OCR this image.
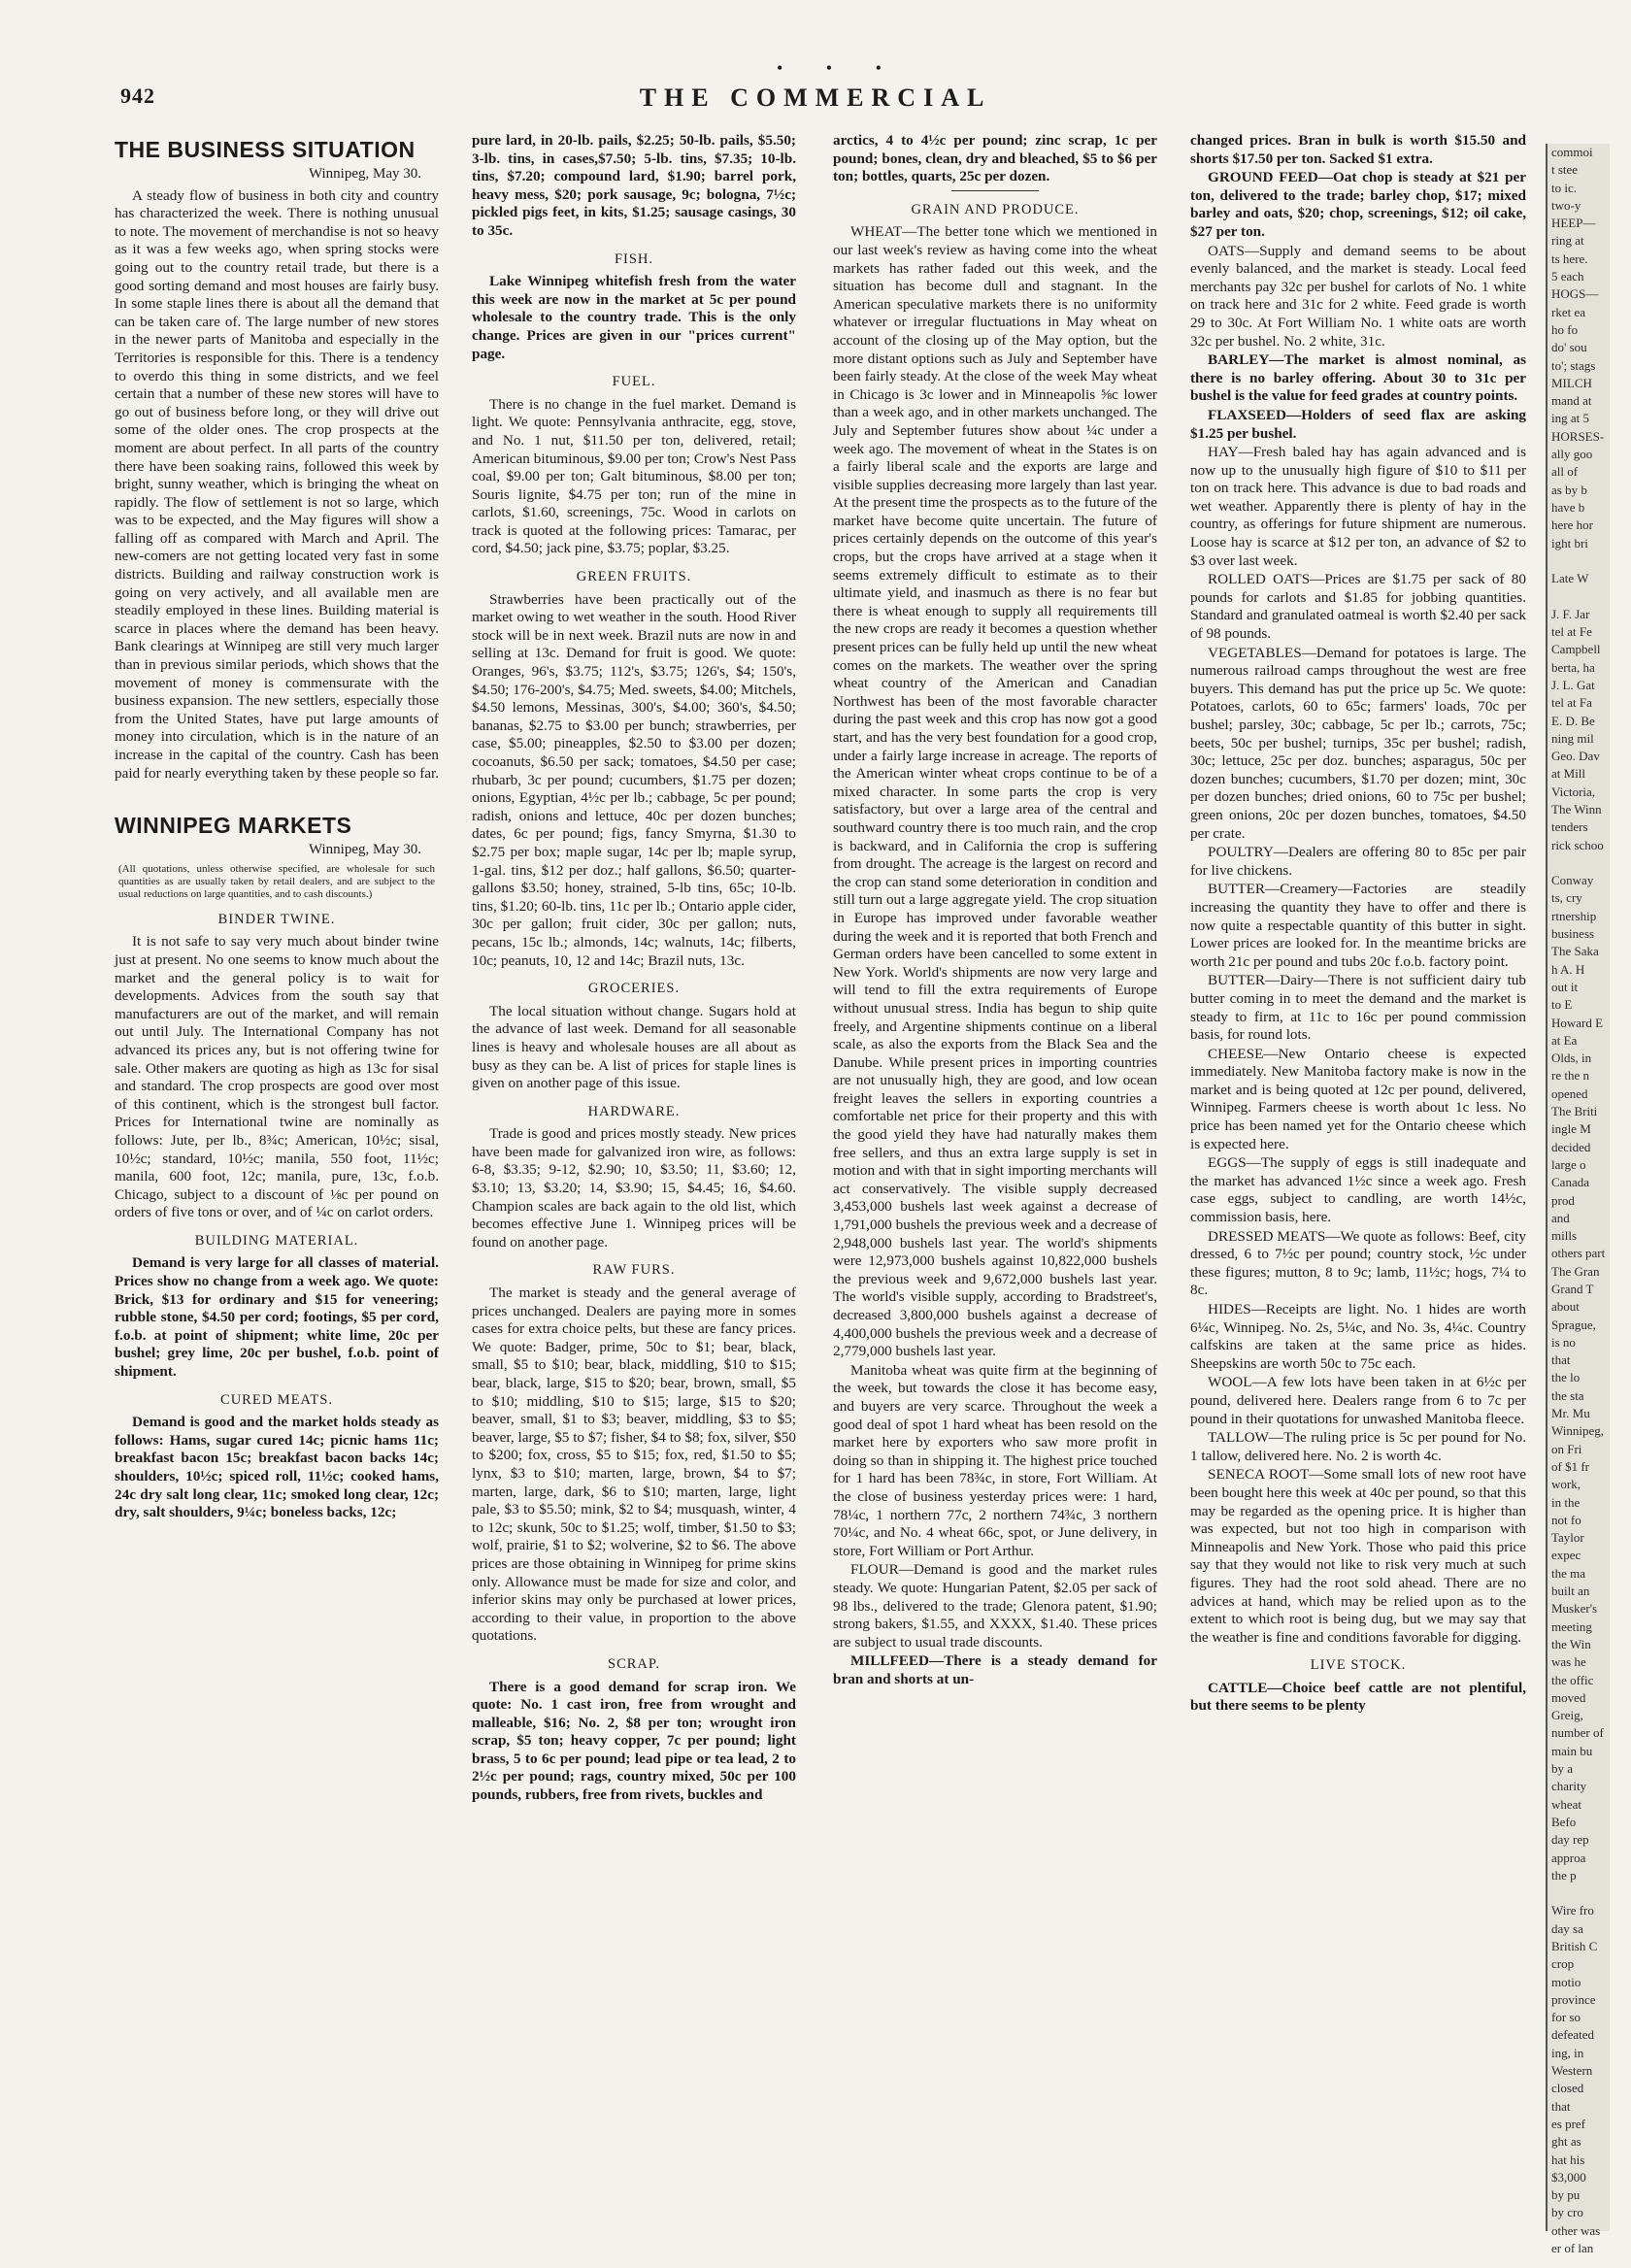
• • •
942	THE COMMERCIAL
THE BUSINESS SITUATION
Winnipeg, May 30.

A steady flow of business in both city and country has characterized the week. There is nothing unusual to note. The movement of merchandise is not so heavy as it was a few weeks ago, when spring stocks were going out to the country retail trade, but there is a good sorting demand and most houses are fairly busy. In some staple lines there is about all the demand that can be taken care of. The large number of new stores in the newer parts of Manitoba and especially in the Territories is responsible for this. There is a tendency to overdo this thing in some districts, and we feel certain that a number of these new stores will have to go out of business before long, or they will drive out some of the older ones. The crop prospects at the moment are about perfect. In all parts of the country there have been soaking rains, followed this week by bright, sunny weather, which is bringing the wheat on rapidly. The flow of settlement is not so large, which was to be expected, and the May figures will show a falling off as compared with March and April. The new-comers are not getting located very fast in some districts. Building and railway construction work is going on very actively, and all available men are steadily employed in these lines. Building material is scarce in places where the demand has been heavy. Bank clearings at Winnipeg are still very much larger than in previous similar periods, which shows that the movement of money is commensurate with the business expansion. The new settlers, especially those from the United States, have put large amounts of money into circulation, which is in the nature of an increase in the capital of the country. Cash has been paid for nearly everything taken by these people so far.

WINNIPEG MARKETS
Winnipeg, May 30.
(All quotations, unless otherwise specified, are wholesale for such quantities as are usually taken by retail dealers, and are subject to the usual reductions on large quantities, and to cash discounts.)
BINDER TWINE.

It is not safe to say very much about binder twine just at present. No one seems to know much about the market and the general policy is to wait for developments. Advices from the south say that manufacturers are out of the market, and will remain out until July. The International Company has not advanced its prices any, but is not offering twine for sale. Other makers are quoting as high as 13c for sisal and standard. The crop prospects are good over most of this continent, which is the strongest bull factor. Prices for International twine are nominally as follows: Jute, per lb., 8¾c; American, 10½c; sisal, 10½c; standard, 10½c; manila, 550 foot, 11½c; manila, 600 foot, 12c; manila, pure, 13c, f.o.b. Chicago, subject to a discount of ⅛c per pound on orders of five tons or over, and of ¼c on carlot orders.

BUILDING MATERIAL.

Demand is very large for all classes of material. Prices show no change from a week ago. We quote: Brick, $13 for ordinary and $15 for veneering; rubble stone, $4.50 per cord; footings, $5 per cord, f.o.b. at point of shipment; white lime, 20c per bushel; grey lime, 20c per bushel, f.o.b. point of shipment.

CURED MEATS.

Demand is good and the market holds steady as follows: Hams, sugar cured 14c; picnic hams 11c; breakfast bacon 15c; breakfast bacon backs 14c; shoulders, 10½c; spiced roll, 11½c; cooked hams, 24c dry salt long clear, 11c; smoked long clear, 12c; dry, salt shoulders, 9¼c; boneless backs, 12c;

pure lard, in 20-lb. pails, $2.25; 50-lb. pails, $5.50; 3-lb. tins, in cases,$7.50; 5-lb. tins, $7.35; 10-lb. tins, $7.20; compound lard, $1.90; barrel pork, heavy mess, $20; pork sausage, 9c; bologna, 7½c; pickled pigs feet, in kits, $1.25; sausage casings, 30 to 35c.

FISH.

Lake Winnipeg whitefish fresh from the water this week are now in the market at 5c per pound wholesale to the country trade. This is the only change. Prices are given in our "prices current" page.

FUEL.

There is no change in the fuel market. Demand is light. We quote: Pennsylvania anthracite, egg, stove, and No. 1 nut, $11.50 per ton, delivered, retail; American bituminous, $9.00 per ton; Crow's Nest Pass coal, $9.00 per ton; Galt bituminous, $8.00 per ton; Souris lignite, $4.75 per ton; run of the mine in carlots, $1.60, screenings, 75c. Wood in carlots on track is quoted at the following prices: Tamarac, per cord, $4.50; jack pine, $3.75; poplar, $3.25.

GREEN FRUITS.

Strawberries have been practically out of the market owing to wet weather in the south. Hood River stock will be in next week. Brazil nuts are now in and selling at 13c. Demand for fruit is good. We quote: Oranges, 96's, $3.75; 112's, $3.75; 126's, $4; 150's, $4.50; 176-200's, $4.75; Med. sweets, $4.00; Mitchels, $4.50 lemons, Messinas, 300's, $4.00; 360's, $4.50; bananas, $2.75 to $3.00 per bunch; strawberries, per case, $5.00; pineapples, $2.50 to $3.00 per dozen; cocoanuts, $6.50 per sack; tomatoes, $4.50 per case; rhubarb, 3c per pound; cucumbers, $1.75 per dozen; onions, Egyptian, 4½c per lb.; cabbage, 5c per pound; radish, onions and lettuce, 40c per dozen bunches; dates, 6c per pound; figs, fancy Smyrna, $1.30 to $2.75 per box; maple sugar, 14c per lb; maple syrup, 1-gal. tins, $12 per doz.; half gallons, $6.50; quarter-gallons $3.50; honey, strained, 5-lb tins, 65c; 10-lb. tins, $1.20; 60-lb. tins, 11c per lb.; Ontario apple cider, 30c per gallon; fruit cider, 30c per gallon; nuts, pecans, 15c lb.; almonds, 14c; walnuts, 14c; filberts, 10c; peanuts, 10, 12 and 14c; Brazil nuts, 13c.

GROCERIES.

The local situation without change. Sugars hold at the advance of last week. Demand for all seasonable lines is heavy and wholesale houses are all about as busy as they can be. A list of prices for staple lines is given on another page of this issue.

HARDWARE.

Trade is good and prices mostly steady. New prices have been made for galvanized iron wire, as follows: 6-8, $3.35; 9-12, $2.90; 10, $3.50; 11, $3.60; 12, $3.10; 13, $3.20; 14, $3.90; 15, $4.45; 16, $4.60. Champion scales are back again to the old list, which becomes effective June 1. Winnipeg prices will be found on another page.

RAW FURS.

The market is steady and the general average of prices unchanged. Dealers are paying more in somes cases for extra choice pelts, but these are fancy prices. We quote: Badger, prime, 50c to $1; bear, black, small, $5 to $10; bear, black, middling, $10 to $15; bear, black, large, $15 to $20; bear, brown, small, $5 to $10; middling, $10 to $15; large, $15 to $20; beaver, small, $1 to $3; beaver, middling, $3 to $5; beaver, large, $5 to $7; fisher, $4 to $8; fox, silver, $50 to $200; fox, cross, $5 to $15; fox, red, $1.50 to $5; lynx, $3 to $10; marten, large, brown, $4 to $7; marten, large, dark, $6 to $10; marten, large, light pale, $3 to $5.50; mink, $2 to $4; musquash, winter, 4 to 12c; skunk, 50c to $1.25; wolf, timber, $1.50 to $3; wolf, prairie, $1 to $2; wolverine, $2 to $6. The above prices are those obtaining in Winnipeg for prime skins only. Allowance must be made for size and color, and inferior skins may only be purchased at lower prices, according to their value, in proportion to the above quotations.

SCRAP.

There is a good demand for scrap iron. We quote: No. 1 cast iron, free from wrought and malleable, $16; No. 2, $8 per ton; wrought iron scrap, $5 ton; heavy copper, 7c per pound; light brass, 5 to 6c per pound; lead pipe or tea lead, 2 to 2½c per pound; rags, country mixed, 50c per 100 pounds, rubbers, free from rivets, buckles and

arctics, 4 to 4½c per pound; zinc scrap, 1c per pound; bones, clean, dry and bleached, $5 to $6 per ton; bottles, quarts, 25c per dozen.

GRAIN AND PRODUCE.

WHEAT—The better tone which we mentioned in our last week's review as having come into the wheat markets has rather faded out this week, and the situation has become dull and stagnant. In the American speculative markets there is no uniformity whatever or irregular fluctuations in May wheat on account of the closing up of the May option, but the more distant options such as July and September have been fairly steady. At the close of the week May wheat in Chicago is 3c lower and in Minneapolis ⅝c lower than a week ago, and in other markets unchanged. The July and September futures show about ¼c under a week ago. The movement of wheat in the States is on a fairly liberal scale and the exports are large and visible supplies decreasing more largely than last year. At the present time the prospects as to the future of the market have become quite uncertain. The future of prices certainly depends on the outcome of this year's crops, but the crops have arrived at a stage when it seems extremely difficult to estimate as to their ultimate yield, and inasmuch as there is no fear but there is wheat enough to supply all requirements till the new crops are ready it becomes a question whether present prices can be fully held up until the new wheat comes on the markets. The weather over the spring wheat country of the American and Canadian Northwest has been of the most favorable character during the past week and this crop has now got a good start, and has the very best foundation for a good crop, under a fairly large increase in acreage. The reports of the American winter wheat crops continue to be of a mixed character. In some parts the crop is very satisfactory, but over a large area of the central and southward country there is too much rain, and the crop is backward, and in California the crop is suffering from drought. The acreage is the largest on record and the crop can stand some deterioration in condition and still turn out a large aggregate yield. The crop situation in Europe has improved under favorable weather during the week and it is reported that both French and German orders have been cancelled to some extent in New York. World's shipments are now very large and will tend to fill the extra requirements of Europe without unusual stress. India has begun to ship quite freely, and Argentine shipments continue on a liberal scale, as also the exports from the Black Sea and the Danube. While present prices in importing countries are not unusually high, they are good, and low ocean freight leaves the sellers in exporting countries a comfortable net price for their property and this with the good yield they have had naturally makes them free sellers, and thus an extra large supply is set in motion and with that in sight importing merchants will act conservatively. The visible supply decreased 3,453,000 bushels last week against a decrease of 1,791,000 bushels the previous week and a decrease of 2,948,000 bushels last year. The world's shipments were 12,973,000 bushels against 10,822,000 bushels the previous week and 9,672,000 bushels last year. The world's visible supply, according to Bradstreet's, decreased 3,800,000 bushels against a decrease of 4,400,000 bushels the previous week and a decrease of 2,779,000 bushels last year.

Manitoba wheat was quite firm at the beginning of the week, but towards the close it has become easy, and buyers are very scarce. Throughout the week a good deal of spot 1 hard wheat has been resold on the market here by exporters who saw more profit in doing so than in shipping it. The highest price touched for 1 hard has been 78¾c, in store, Fort William. At the close of business yesterday prices were: 1 hard, 78¼c, 1 northern 77c, 2 northern 74¾c, 3 northern 70¼c, and No. 4 wheat 66c, spot, or June delivery, in store, Fort William or Port Arthur.

FLOUR—Demand is good and the market rules steady. We quote: Hungarian Patent, $2.05 per sack of 98 lbs., delivered to the trade; Glenora patent, $1.90; strong bakers, $1.55, and XXXX, $1.40. These prices are subject to usual trade discounts.

MILLFEED—There is a steady demand for bran and shorts at un-

changed prices. Bran in bulk is worth $15.50 and shorts $17.50 per ton. Sacked $1 extra.

GROUND FEED—Oat chop is steady at $21 per ton, delivered to the trade; barley chop, $17; mixed barley and oats, $20; chop, screenings, $12; oil cake, $27 per ton.

OATS—Supply and demand seems to be about evenly balanced, and the market is steady. Local feed merchants pay 32c per bushel for carlots of No. 1 white on track here and 31c for 2 white. Feed grade is worth 29 to 30c. At Fort William No. 1 white oats are worth 32c per bushel. No. 2 white, 31c.

BARLEY—The market is almost nominal, as there is no barley offering. About 30 to 31c per bushel is the value for feed grades at country points.

FLAXSEED—Holders of seed flax are asking $1.25 per bushel.

HAY—Fresh baled hay has again advanced and is now up to the unusually high figure of $10 to $11 per ton on track here. This advance is due to bad roads and wet weather. Apparently there is plenty of hay in the country, as offerings for future shipment are numerous. Loose hay is scarce at $12 per ton, an advance of $2 to $3 over last week.

ROLLED OATS—Prices are $1.75 per sack of 80 pounds for carlots and $1.85 for jobbing quantities. Standard and granulated oatmeal is worth $2.40 per sack of 98 pounds.

VEGETABLES—Demand for potatoes is large. The numerous railroad camps throughout the west are free buyers. This demand has put the price up 5c. We quote: Potatoes, carlots, 60 to 65c; farmers' loads, 70c per bushel; parsley, 30c; cabbage, 5c per lb.; carrots, 75c; beets, 50c per bushel; turnips, 35c per bushel; radish, 30c; lettuce, 25c per doz. bunches; asparagus, 50c per dozen bunches; cucumbers, $1.70 per dozen; mint, 30c per dozen bunches; dried onions, 60 to 75c per bushel; green onions, 20c per dozen bunches, tomatoes, $4.50 per crate.

POULTRY—Dealers are offering 80 to 85c per pair for live chickens.

BUTTER—Creamery—Factories are steadily increasing the quantity they have to offer and there is now quite a respectable quantity of this butter in sight. Lower prices are looked for. In the meantime bricks are worth 21c per pound and tubs 20c f.o.b. factory point.

BUTTER—Dairy—There is not sufficient dairy tub butter coming in to meet the demand and the market is steady to firm, at 11c to 16c per pound commission basis, for round lots.

CHEESE—New Ontario cheese is expected immediately. New Manitoba factory make is now in the market and is being quoted at 12c per pound, delivered, Winnipeg. Farmers cheese is worth about 1c less. No price has been named yet for the Ontario cheese which is expected here.

EGGS—The supply of eggs is still inadequate and the market has advanced 1½c since a week ago. Fresh case eggs, subject to candling, are worth 14½c, commission basis, here.

DRESSED MEATS—We quote as follows: Beef, city dressed, 6 to 7½c per pound; country stock, ½c under these figures; mutton, 8 to 9c; lamb, 11½c; hogs, 7¼ to 8c.

HIDES—Receipts are light. No. 1 hides are worth 6¼c, Winnipeg. No. 2s, 5¼c, and No. 3s, 4¼c. Country calfskins are taken at the same price as hides. Sheepskins are worth 50c to 75c each.

WOOL—A few lots have been taken in at 6½c per pound, delivered here. Dealers range from 6 to 7c per pound in their quotations for unwashed Manitoba fleece.

TALLOW—The ruling price is 5c per pound for No. 1 tallow, delivered here. No. 2 is worth 4c.

SENECA ROOT—Some small lots of new root have been bought here this week at 40c per pound, so that this may be regarded as the opening price. It is higher than was expected, but not too high in comparison with Minneapolis and New York. Those who paid this price say that they would not like to risk very much at such figures. They had the root sold ahead. There are no advices at hand, which may be relied upon as to the extent to which root is being dug, but we may say that the weather is fine and conditions favorable for digging.

LIVE STOCK.

CATTLE—Choice beef cattle are not plentiful, but there seems to be plenty

commoi
t stee
to ic.
two-y
HEEP—
ring at
ts here.
5 each
HOGS—
rket ea
ho fo
do' sou
to'; stags
MILCH
mand at
ing at 5
HORSES-
ally goo
all of
as by b
have b
here hor
ight bri

Late W

J. F. Jar
tel at Fe
Campbell
berta, ha
J. L. Gat
tel at Fa
E. D. Be
ning mil
Geo. Dav
at Mill
Victoria,
The Winn
tenders
rick schoo

Conway
ts, cry
rtnership
business
The Saka
h A. H
out it
to E
Howard E
at Ea
Olds, in
re the n
opened
The Briti
ingle M
decided
large o
Canada
prod
and
mills
others part
The Gran
Grand T
about
Sprague,
is no
that
the lo
the sta
Mr. Mu
Winnipeg,
on Fri
of $1 fr
work,
in the
not fo
Taylor
expec
the ma
built an
Musker's
meeting
the Win
was he
the offic
moved
Greig,
number of
main bu
by a
charity
wheat
Befo
day rep
approa
the p

Wire fro
day sa
British C
crop
motio
province
for so
defeated
ing, in
Western
closed
that
es pref
ght as
hat his
$3,000
by pu
by cro
other was
er of lan
